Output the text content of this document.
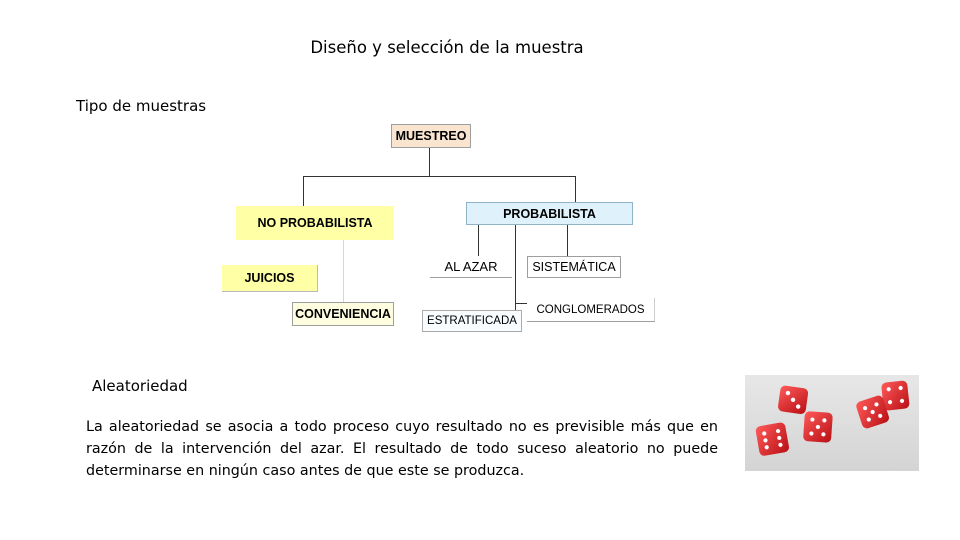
Diseño y selección de la muestra
Tipo de muestras
MUESTREO
NO PROBABILISTA
PROBABILISTA
JUICIOS
CONVENIENCIA
AL AZAR	SISTEMÁTICA
ESTRATIFICADA
CONGLOMERADOS
Aleatoriedad
La aleatoriedad se asocia a todo proceso cuyo resultado no es previsible más que en razón de la intervención del azar. El resultado de todo suceso aleatorio no puede determinarse en ningún caso antes de que este se produzca.
